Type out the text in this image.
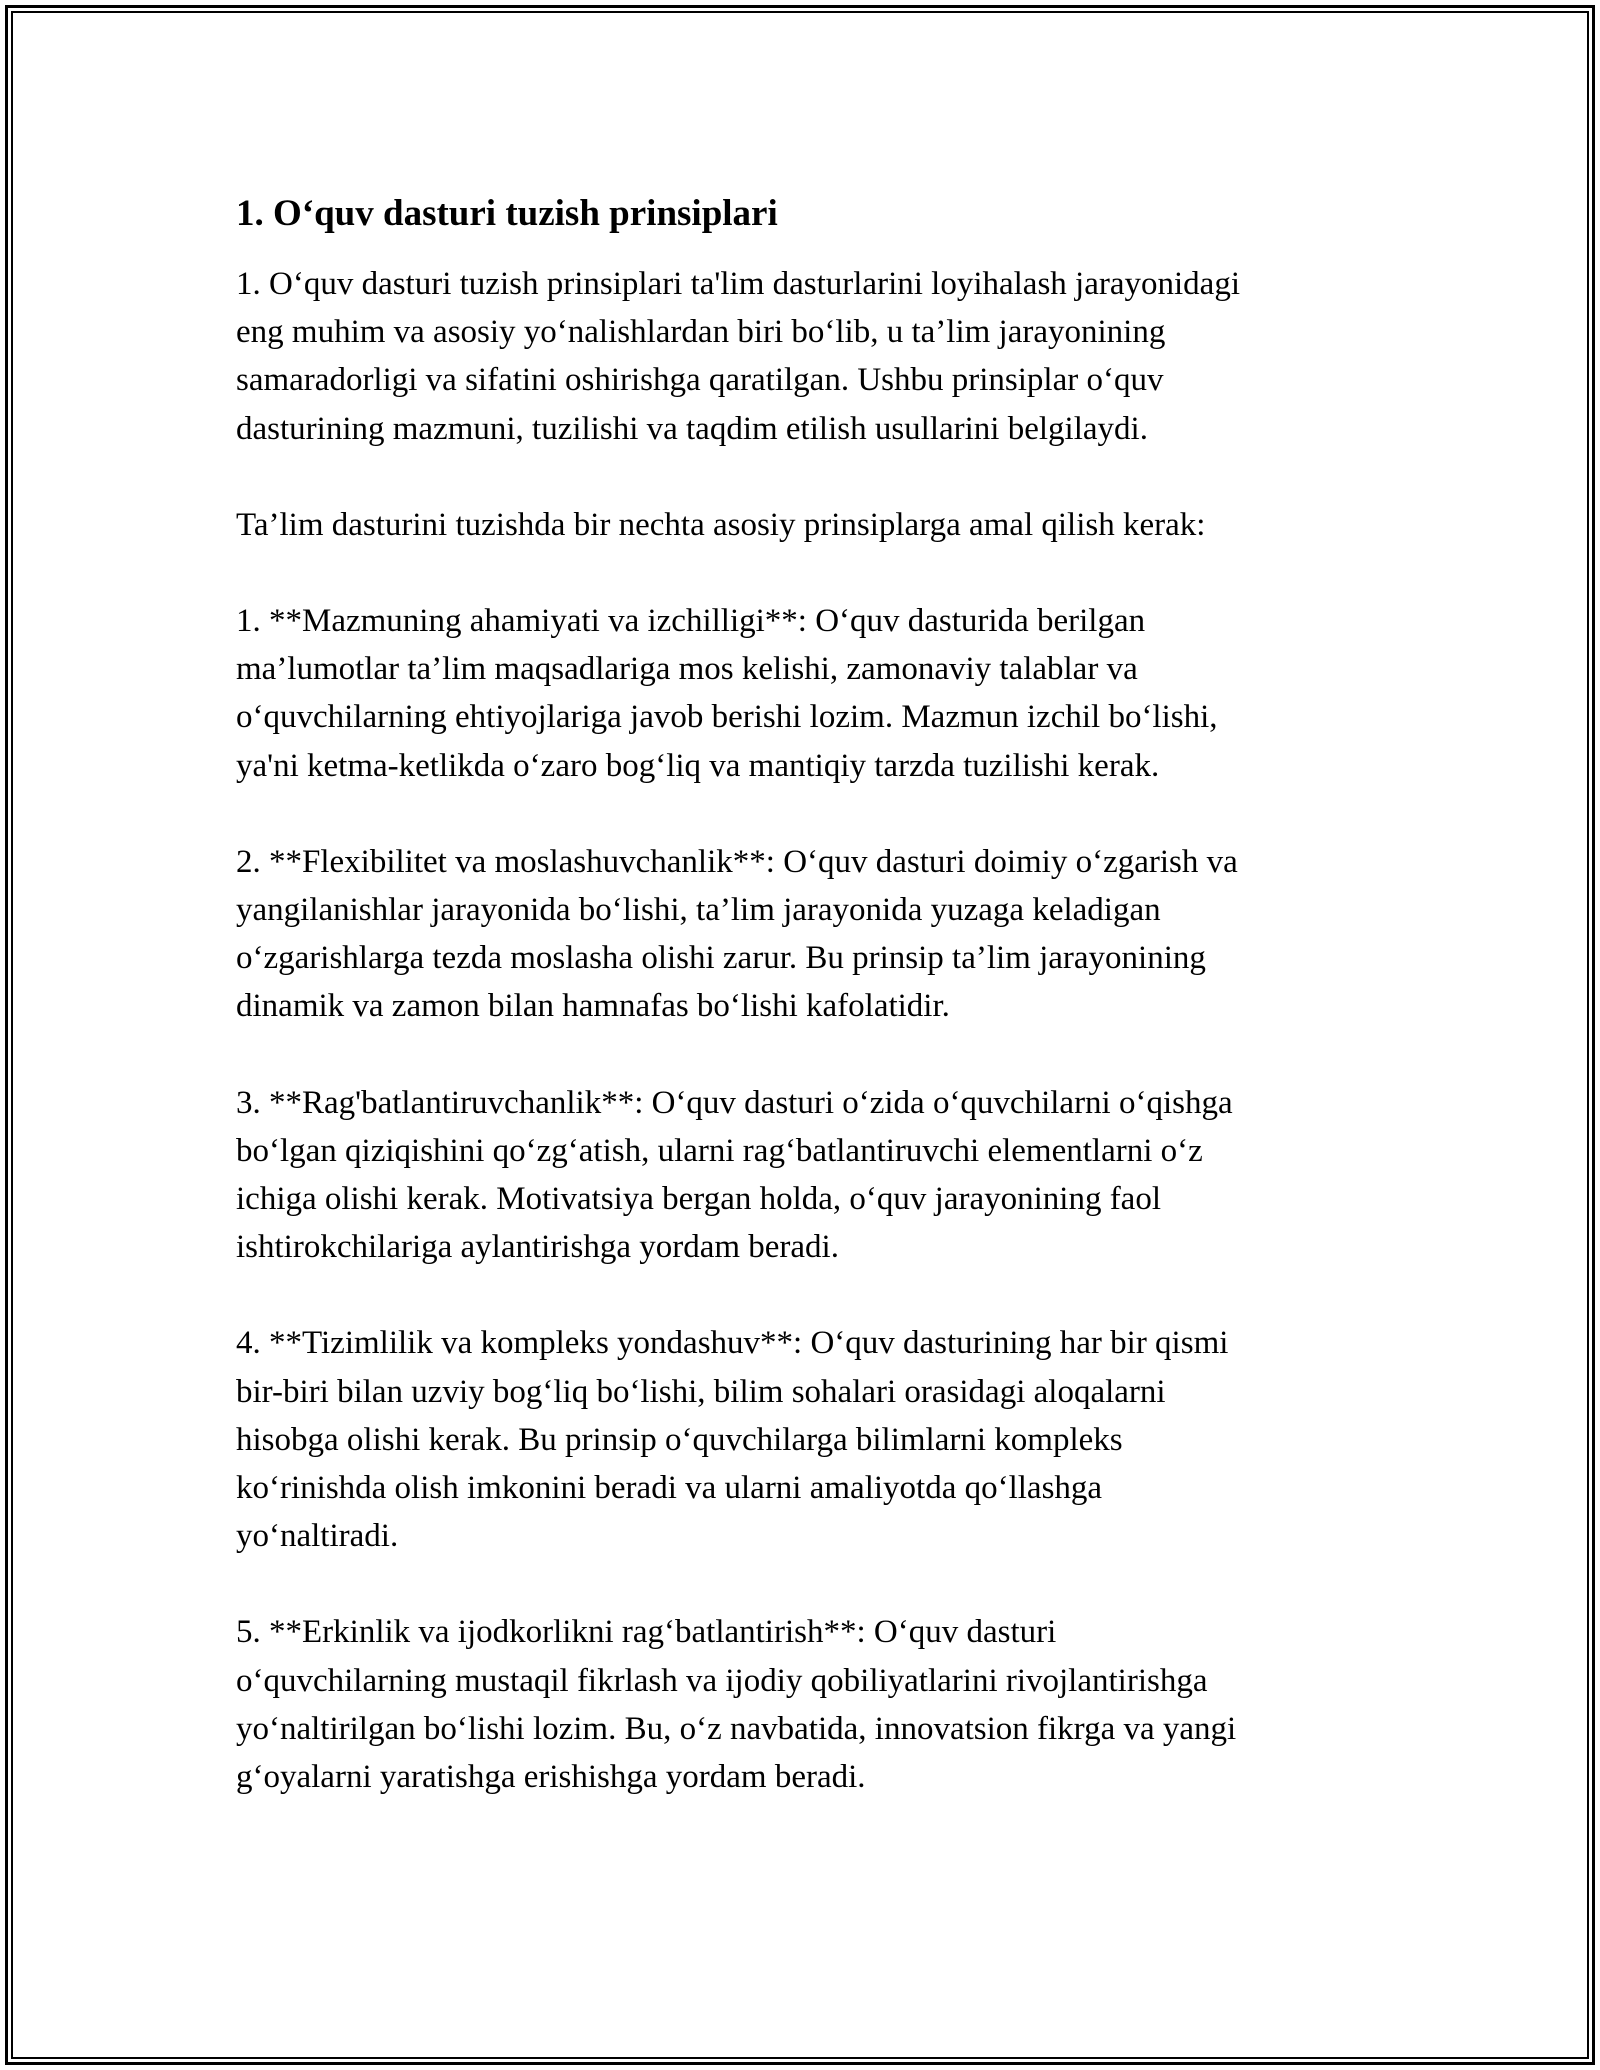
1. O‘quv dasturi tuzish prinsiplari

1. O‘quv dasturi tuzish prinsiplari ta'lim dasturlarini loyihalash jarayonidagi
eng muhim va asosiy yo‘nalishlardan biri bo‘lib, u ta’lim jarayonining
samaradorligi va sifatini oshirishga qaratilgan. Ushbu prinsiplar o‘quv
dasturining mazmuni, tuzilishi va taqdim etilish usullarini belgilaydi.

Ta’lim dasturini tuzishda bir nechta asosiy prinsiplarga amal qilish kerak:

1. **Mazmuning ahamiyati va izchilligi**: O‘quv dasturida berilgan
ma’lumotlar ta’lim maqsadlariga mos kelishi, zamonaviy talablar va
o‘quvchilarning ehtiyojlariga javob berishi lozim. Mazmun izchil bo‘lishi,
ya'ni ketma-ketlikda o‘zaro bog‘liq va mantiqiy tarzda tuzilishi kerak.

2. **Flexibilitet va moslashuvchanlik**: O‘quv dasturi doimiy o‘zgarish va
yangilanishlar jarayonida bo‘lishi, ta’lim jarayonida yuzaga keladigan
o‘zgarishlarga tezda moslasha olishi zarur. Bu prinsip ta’lim jarayonining
dinamik va zamon bilan hamnafas bo‘lishi kafolatidir.

3. **Rag'batlantiruvchanlik**: O‘quv dasturi o‘zida o‘quvchilarni o‘qishga
bo‘lgan qiziqishini qo‘zg‘atish, ularni rag‘batlantiruvchi elementlarni o‘z
ichiga olishi kerak. Motivatsiya bergan holda, o‘quv jarayonining faol
ishtirokchilariga aylantirishga yordam beradi.

4. **Tizimlilik va kompleks yondashuv**: O‘quv dasturining har bir qismi
bir-biri bilan uzviy bog‘liq bo‘lishi, bilim sohalari orasidagi aloqalarni
hisobga olishi kerak. Bu prinsip o‘quvchilarga bilimlarni kompleks
ko‘rinishda olish imkonini beradi va ularni amaliyotda qo‘llashga
yo‘naltiradi.

5. **Erkinlik va ijodkorlikni rag‘batlantirish**: O‘quv dasturi
o‘quvchilarning mustaqil fikrlash va ijodiy qobiliyatlarini rivojlantirishga
yo‘naltirilgan bo‘lishi lozim. Bu, o‘z navbatida, innovatsion fikrga va yangi
g‘oyalarni yaratishga erishishga yordam beradi.
